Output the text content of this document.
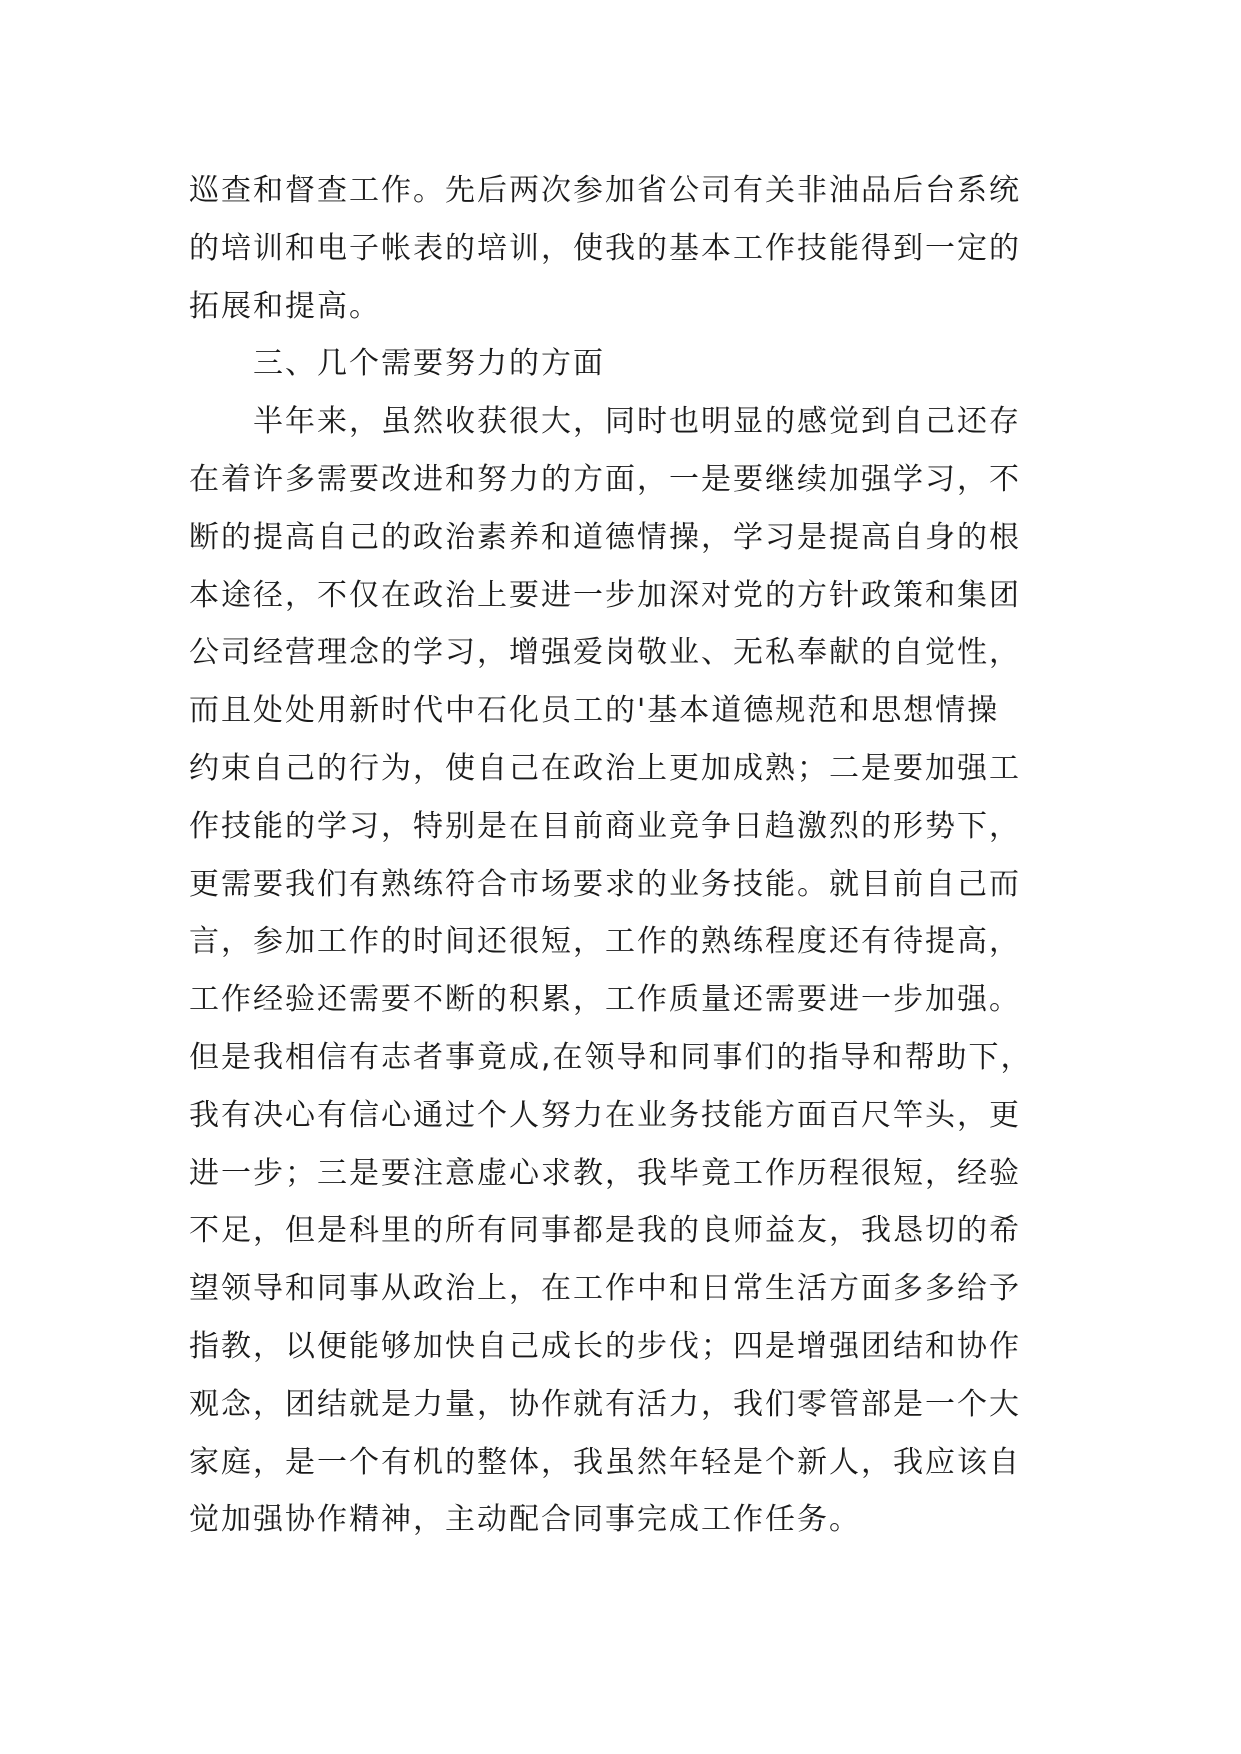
巡查和督查工作。先后两次参加省公司有关非油品后台系统
的培训和电子帐表的培训，使我的基本工作技能得到一定的
拓展和提高。
　　三、几个需要努力的方面
　　半年来，虽然收获很大，同时也明显的感觉到自己还存
在着许多需要改进和努力的方面，一是要继续加强学习，不
断的提高自己的政治素养和道德情操，学习是提高自身的根
本途径，不仅在政治上要进一步加深对党的方针政策和集团
公司经营理念的学习，增强爱岗敬业、无私奉献的自觉性，
而且处处用新时代中石化员工的'基本道德规范和思想情操
约束自己的行为，使自己在政治上更加成熟；二是要加强工
作技能的学习，特别是在目前商业竞争日趋激烈的形势下，
更需要我们有熟练符合市场要求的业务技能。就目前自己而
言，参加工作的时间还很短，工作的熟练程度还有待提高，
工作经验还需要不断的积累，工作质量还需要进一步加强。
但是我相信有志者事竟成,在领导和同事们的指导和帮助下，
我有决心有信心通过个人努力在业务技能方面百尺竿头，更
进一步；三是要注意虚心求教，我毕竟工作历程很短，经验
不足，但是科里的所有同事都是我的良师益友，我恳切的希
望领导和同事从政治上，在工作中和日常生活方面多多给予
指教，以便能够加快自己成长的步伐；四是增强团结和协作
观念，团结就是力量，协作就有活力，我们零管部是一个大
家庭，是一个有机的整体，我虽然年轻是个新人，我应该自
觉加强协作精神，主动配合同事完成工作任务。
